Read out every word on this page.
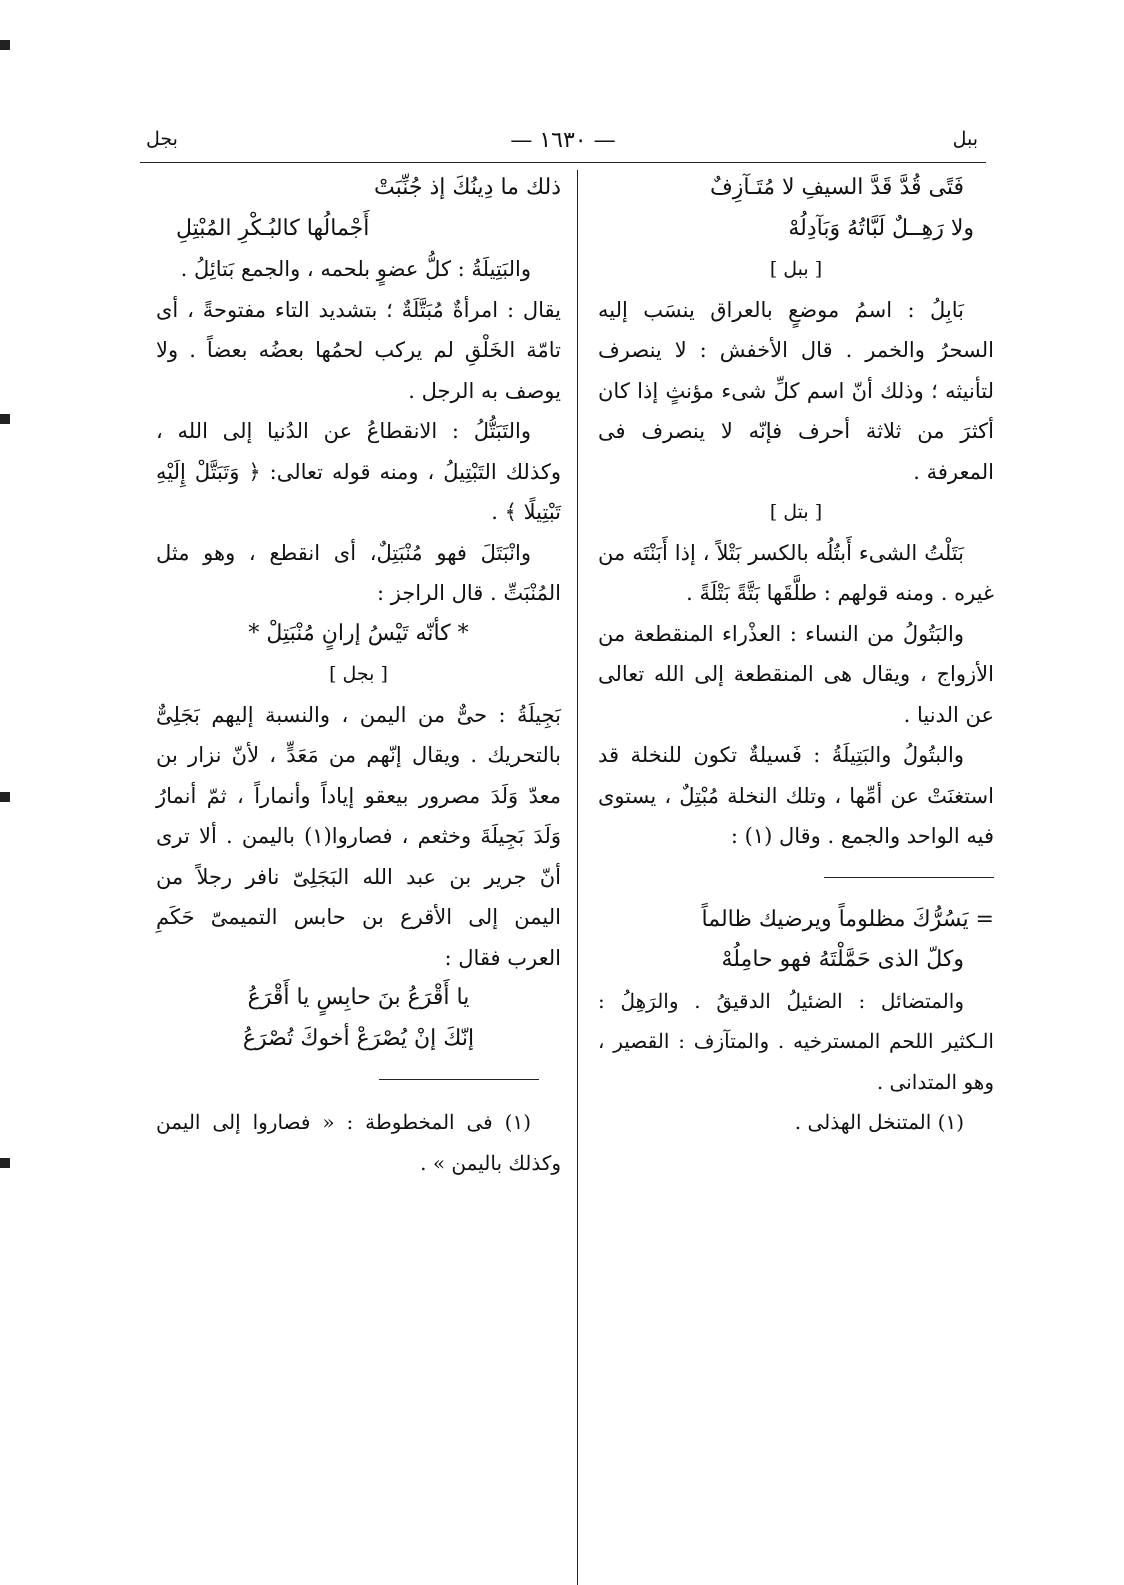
بجل	— ١٦٣٠ —	ببل

فَتًى قُدَّ قَدَّ السيفِ لا مُتَـآزِفٌ

ولا رَهِــلٌ لَبَّاتُهُ وَبَآدِلُهْ

[ ببل ]

بَابِلُ : اسمُ موضعٍ بالعراق ينسَب إليه السحرُ والخمر . قال الأخفش : لا ينصرف لتأنيثه ؛ وذلك أنّ اسم كلِّ شىء مؤنثٍ إذا كان أكثرَ من ثلاثة أحرف فإنّه لا ينصرف فى المعرفة .

[ بتل ]

بَتَلْتُ الشىء أَبتُلُه بالكسر بَتْلاً ، إذا أَبَنْتَه من غيره . ومنه قولهم : طلَّقَها بَتَّةً بَتْلَةً .

والبَتُولُ من النساء : العذْراء المنقطعة من الأزواج ، ويقال هى المنقطعة إلى الله تعالى عن الدنيا .

والبتُولُ والبَتِيلَةُ : فَسيلةٌ تكون للنخلة قد استغنَتْ عن أمِّها ، وتلك النخلة مُبْتِلٌ ، يستوى فيه الواحد والجمع . وقال (١) :

= يَسُرُّكَ مظلوماً ويرضيك ظالماً

وكلّ الذى حَمَّلْتَهُ فهو حامِلُهْ

والمتضائل : الضئيلُ الدقيقُ . والرَهِلُ : الـكثير اللحم المسترخيه . والمتآزف : القصير ، وهو المتدانى .

(١) المتنخل الهذلى .

ذلك ما دِينُكَ إذ جُنِّبَتْ

أَجْمالُها كالبُـكْرِ المُبْتِلِ

والبَتِيلَةُ : كلُّ عضوٍ بلحمه ، والجمع بَتائِلُ .

يقال : امرأةٌ مُبَتَّلَةٌ ؛ بتشديد التاء مفتوحةً ، أى تامّة الخَلْقِ لم يركب لحمُها بعضُه بعضاً . ولا يوصف به الرجل .

والتَبَتُّلُ : الانقطاعُ عن الدُنيا إلى الله ، وكذلك التَبْتِيلُ ، ومنه قوله تعالى: ﴿ وَتَبَتَّلْ إِلَيْهِ تَبْتِيلًا ﴾ .

وانْبَتَلَ فهو مُنْبَتِلٌ، أى انقطع ، وهو مثل المُنْبَتِّ . قال الراجز :

* كأنّه تَيْسُ إرانٍ مُنْبَتِلْ *

[ بجل ]

بَجِيلَةُ : حىٌّ من اليمن ، والنسبة إليهم بَجَلِىٌّ بالتحريك . ويقال إنّهم من مَعَدٍّ ، لأنّ نزار بن معدّ وَلَدَ مصرور بيعقو إياداً وأنماراً ، ثمّ أنمارُ وَلَدَ بَجِيلَةَ وخثعم ، فصاروا(١) باليمن . ألا ترى أنّ جرير بن عبد الله البَجَلِىّ نافر رجلاً من اليمن إلى الأقرع بن حابس التميمىّ حَكَمِ العرب فقال :

يا أَقْرَعُ بنَ حابِسٍ يا أَقْرَعُ

إنّكَ إنْ يُصْرَعْ أخوكَ تُصْرَعُ

(١) فى المخطوطة : « فصاروا إلى اليمن وكذلك باليمن » .
